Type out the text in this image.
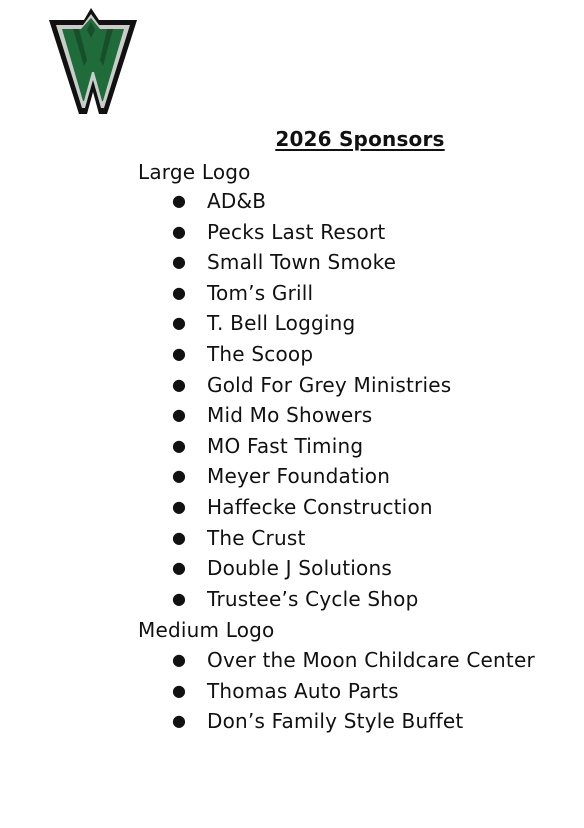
2026 Sponsors
Large Logo
● AD&B
● Pecks Last Resort
● Small Town Smoke
● Tom’s Grill
● T. Bell Logging
● The Scoop
● Gold For Grey Ministries
● Mid Mo Showers
● MO Fast Timing
● Meyer Foundation
● Haffecke Construction
● The Crust
● Double J Solutions
● Trustee’s Cycle Shop
Medium Logo
● Over the Moon Childcare Center
● Thomas Auto Parts
● Don’s Family Style Buffet
